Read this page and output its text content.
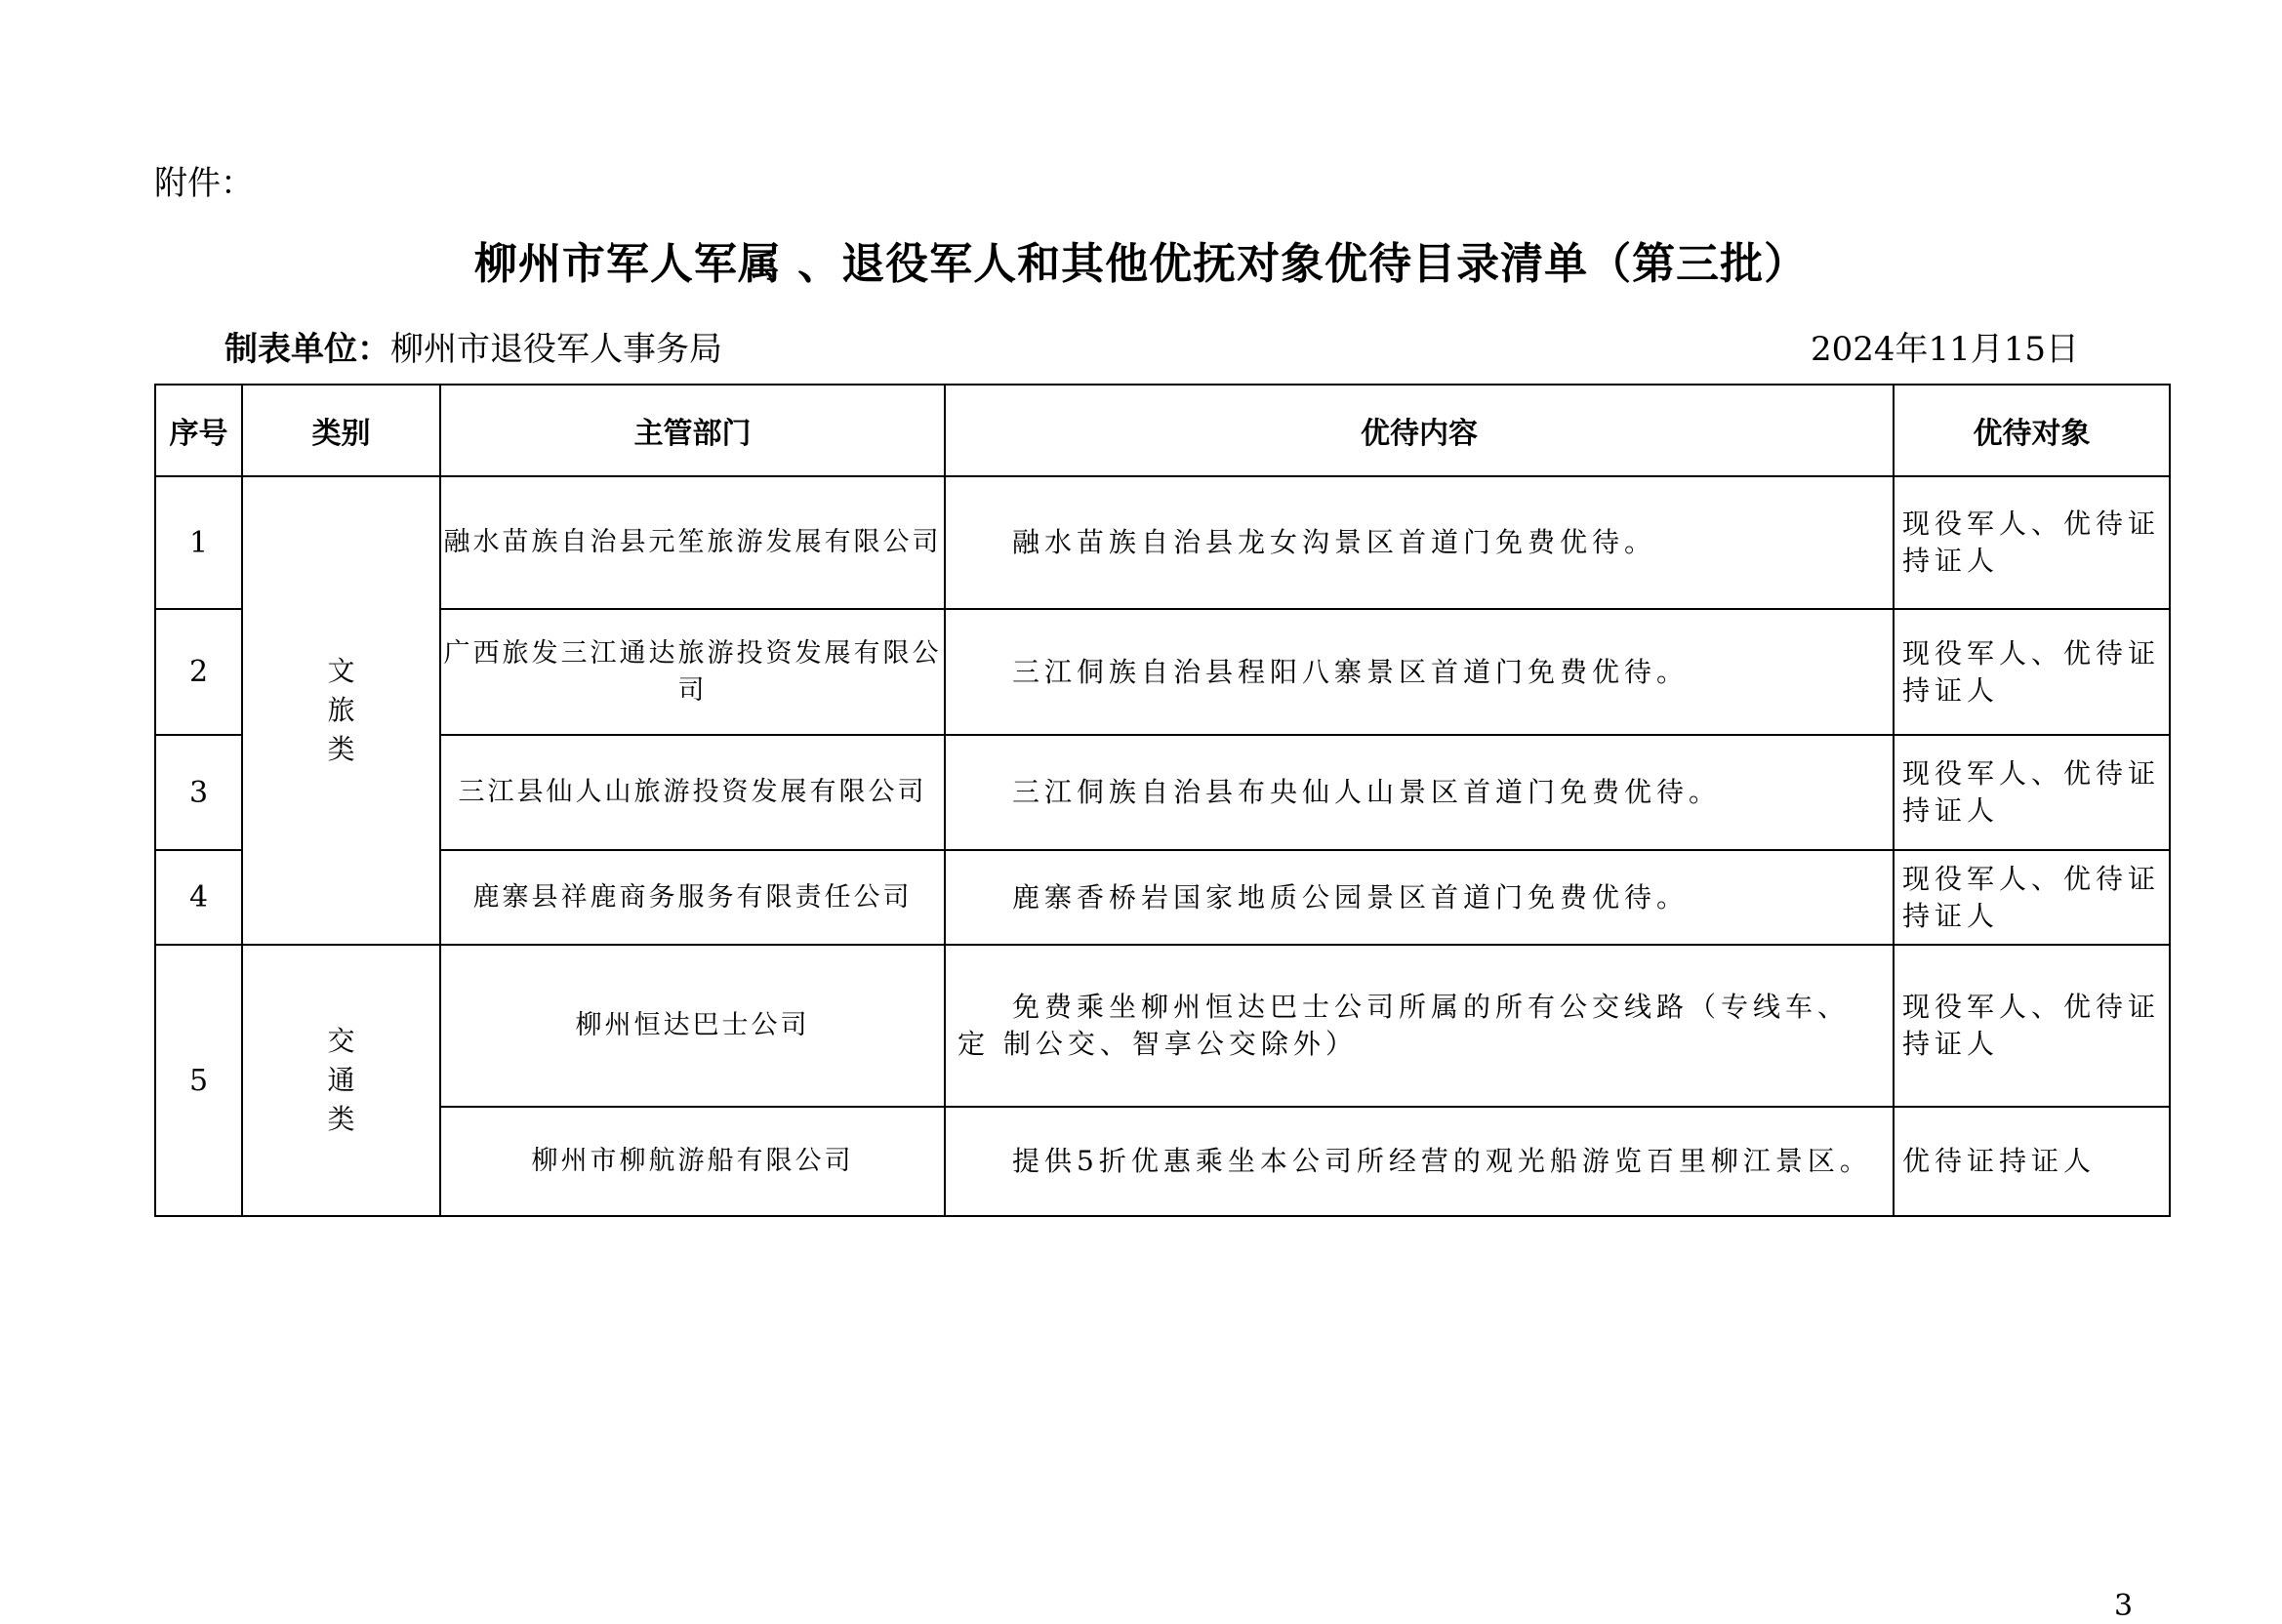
附件：
柳州市军人军属 、退役军人和其他优抚对象优待目录清单（第三批）
制表单位：柳州市退役军人事务局	2024年11月15日
序号	类别	主管部门	优待内容	优待对象
1	文旅类	融水苗族自治县元笙旅游发展有限公司	融水苗族自治县龙女沟景区首道门免费优待。	现役军人、优待证持证人
2		广西旅发三江通达旅游投资发展有限公司	三江侗族自治县程阳八寨景区首道门免费优待。	现役军人、优待证持证人
3		三江县仙人山旅游投资发展有限公司	三江侗族自治县布央仙人山景区首道门免费优待。	现役军人、优待证持证人
4		鹿寨县祥鹿商务服务有限责任公司	鹿寨香桥岩国家地质公园景区首道门免费优待。	现役军人、优待证持证人
5	交通类	柳州恒达巴士公司	免费乘坐柳州恒达巴士公司所属的所有公交线路（专线车、定 制公交、智享公交除外）	现役军人、优待证持证人
		柳州市柳航游船有限公司	提供5折优惠乘坐本公司所经营的观光船游览百里柳江景区。	优待证持证人
3
